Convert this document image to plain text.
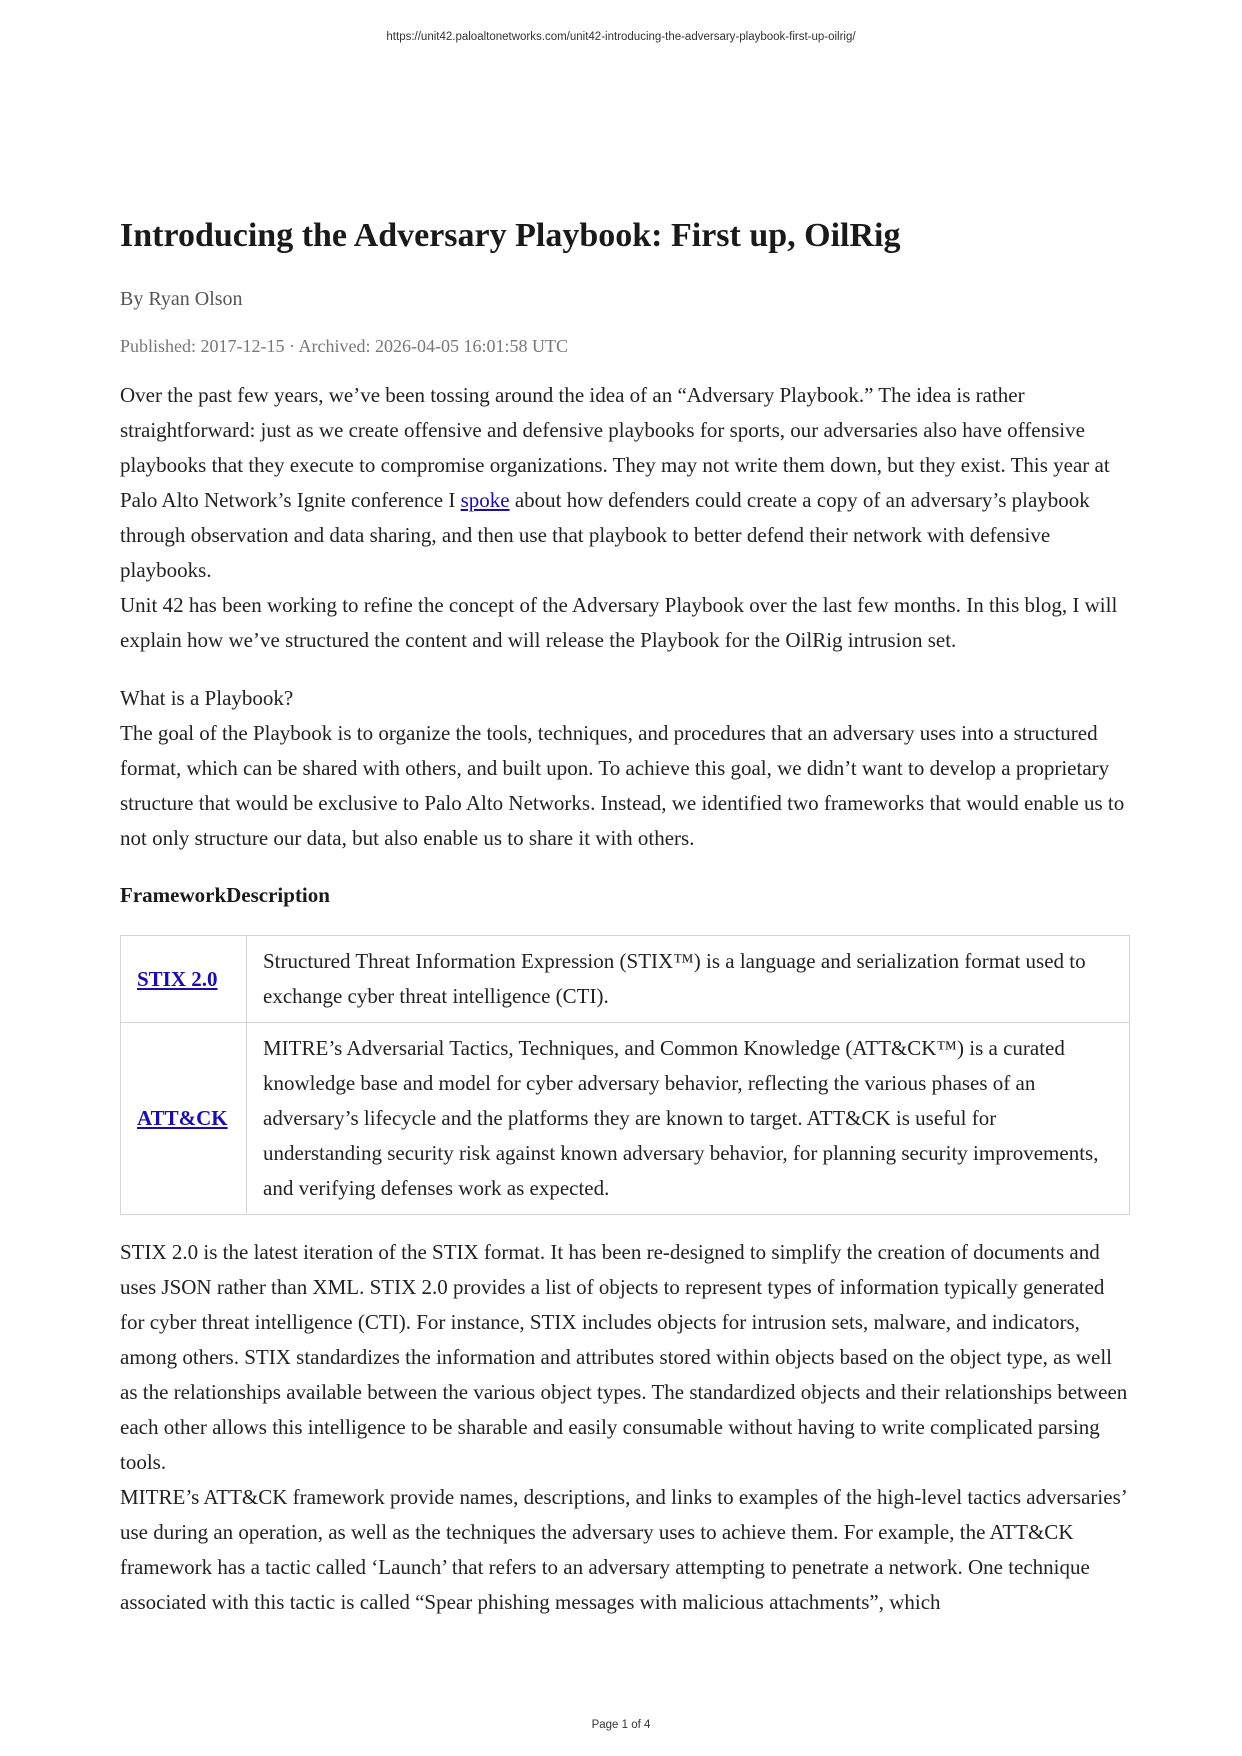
https://unit42.paloaltonetworks.com/unit42-introducing-the-adversary-playbook-first-up-oilrig/
Introducing the Adversary Playbook: First up, OilRig
By Ryan Olson
Published: 2017-12-15 · Archived: 2026-04-05 16:01:58 UTC

Over the past few years, we’ve been tossing around the idea of an “Adversary Playbook.” The idea is rather straightforward: just as we create offensive and defensive playbooks for sports, our adversaries also have offensive playbooks that they execute to compromise organizations. They may not write them down, but they exist. This year at Palo Alto Network’s Ignite conference I spoke about how defenders could create a copy of an adversary’s playbook through observation and data sharing, and then use that playbook to better defend their network with defensive playbooks.

Unit 42 has been working to refine the concept of the Adversary Playbook over the last few months. In this blog, I will explain how we’ve structured the content and will release the Playbook for the OilRig intrusion set.

What is a Playbook?

The goal of the Playbook is to organize the tools, techniques, and procedures that an adversary uses into a structured format, which can be shared with others, and built upon. To achieve this goal, we didn’t want to develop a proprietary structure that would be exclusive to Palo Alto Networks. Instead, we identified two frameworks that would enable us to not only structure our data, but also enable us to share it with others.

FrameworkDescription
STIX 2.0	Structured Threat Information Expression (STIX™) is a language and serialization format used to exchange cyber threat intelligence (CTI).
ATT&CK	MITRE’s Adversarial Tactics, Techniques, and Common Knowledge (ATT&CK™) is a curated knowledge base and model for cyber adversary behavior, reflecting the various phases of an adversary’s lifecycle and the platforms they are known to target. ATT&CK is useful for understanding security risk against known adversary behavior, for planning security improvements, and verifying defenses work as expected.

STIX 2.0 is the latest iteration of the STIX format. It has been re-designed to simplify the creation of documents and uses JSON rather than XML. STIX 2.0 provides a list of objects to represent types of information typically generated for cyber threat intelligence (CTI). For instance, STIX includes objects for intrusion sets, malware, and indicators, among others. STIX standardizes the information and attributes stored within objects based on the object type, as well as the relationships available between the various object types. The standardized objects and their relationships between each other allows this intelligence to be sharable and easily consumable without having to write complicated parsing tools.

MITRE’s ATT&CK framework provide names, descriptions, and links to examples of the high-level tactics adversaries’ use during an operation, as well as the techniques the adversary uses to achieve them. For example, the ATT&CK framework has a tactic called ‘Launch’ that refers to an adversary attempting to penetrate a network. One technique associated with this tactic is called “Spear phishing messages with malicious attachments”, which

Page 1 of 4
